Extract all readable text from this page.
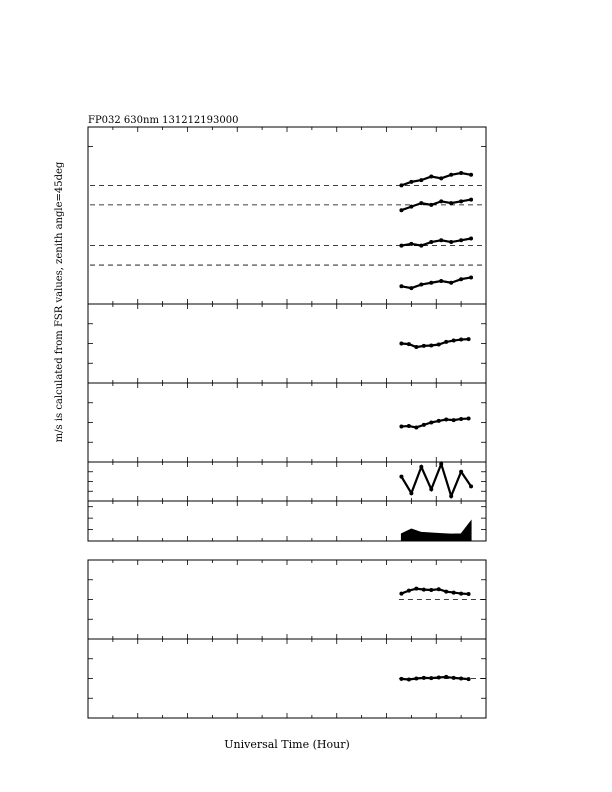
FP032 630nm 131212193000
m/s is calculated from FSR values, zenith angle=45deg
Universal Time (Hour)
